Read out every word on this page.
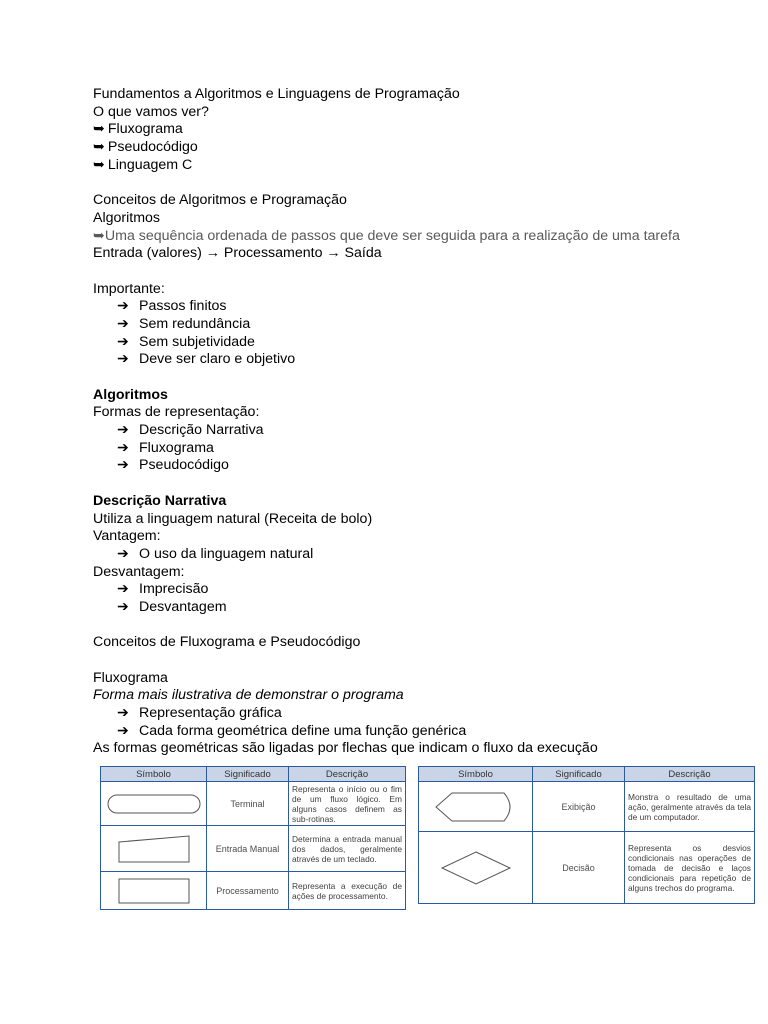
Fundamentos a Algoritmos e Linguagens de Programação
O que vamos ver?
➥ Fluxograma
➥ Pseudocódigo
➥ Linguagem C
Conceitos de Algoritmos e Programação
Algoritmos
➥Uma sequência ordenada de passos que deve ser seguida para a realização de uma tarefa
Entrada (valores) → Processamento → Saída
Importante:
➔ Passos finitos
➔ Sem redundância
➔ Sem subjetividade
➔ Deve ser claro e objetivo
Algoritmos
Formas de representação:
➔ Descrição Narrativa
➔ Fluxograma
➔ Pseudocódigo
Descrição Narrativa
Utiliza a linguagem natural (Receita de bolo)
Vantagem:
➔ O uso da linguagem natural
Desvantagem:
➔ Imprecisão
➔ Desvantagem
Conceitos de Fluxograma e Pseudocódigo
Fluxograma
Forma mais ilustrativa de demonstrar o programa
➔ Representação gráfica
➔ Cada forma geométrica define uma função genérica
As formas geométricas são ligadas por flechas que indicam o fluxo da execução
Símbolo	Significado	Descrição

	Terminal	Representa o início ou o fim de um fluxo lógico. Em alguns casos definem as sub-rotinas.

	Entrada Manual	Determina a entrada manual dos dados, geralmente através de um teclado.

	Processamento	Representa a execução de ações de processamento.
Símbolo	Significado	Descrição

	Exibição	Monstra o resultado de uma ação, geralmente através da tela de um computador.

	Decisão	Representa os desvios condicionais nas operações de tomada de decisão e laços condicionais para repetição de alguns trechos do programa.
